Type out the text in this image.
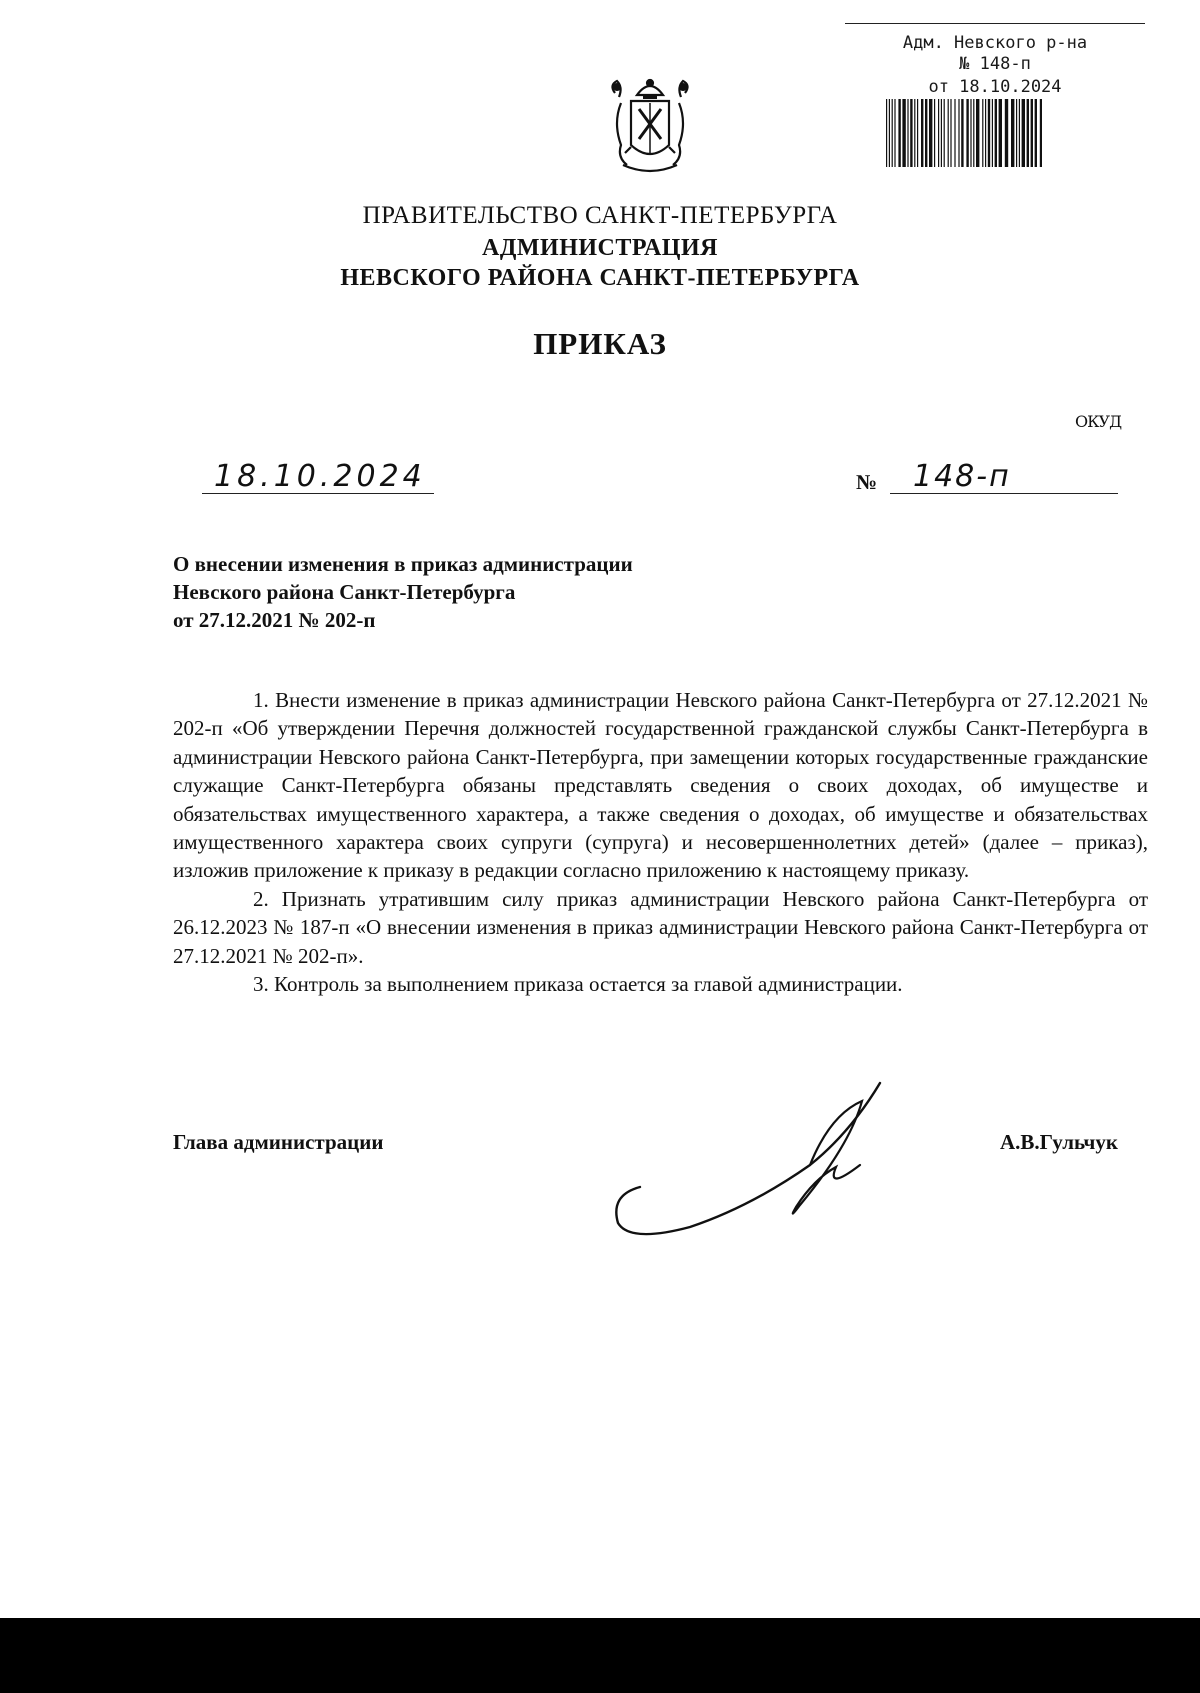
Адм. Невского р-на
№ 148-п
от 18.10.2024
ПРАВИТЕЛЬСТВО САНКТ-ПЕТЕРБУРГА
АДМИНИСТРАЦИЯ
НЕВСКОГО РАЙОНА САНКТ-ПЕТЕРБУРГА
ПРИКАЗ
ОКУД
18.10.2024	№ 148-п
О внесении изменения в приказ администрации
Невского района Санкт-Петербурга
от 27.12.2021 № 202-п

1. Внести изменение в приказ администрации Невского района Санкт-Петербурга от 27.12.2021 № 202-п «Об утверждении Перечня должностей государственной гражданской службы Санкт-Петербурга в администрации Невского района Санкт-Петербурга, при замещении которых государственные гражданские служащие Санкт-Петербурга обязаны представлять сведения о своих доходах, об имуществе и обязательствах имущественного характера, а также сведения о доходах, об имуществе и обязательствах имущественного характера своих супруги (супруга) и несовершеннолетних детей» (далее – приказ), изложив приложение к приказу в редакции согласно приложению к настоящему приказу.

2. Признать утратившим силу приказ администрации Невского района Санкт-Петербурга от 26.12.2023 № 187-п «О внесении изменения в приказ администрации Невского района Санкт-Петербурга от 27.12.2021 № 202-п».

3. Контроль за выполнением приказа остается за главой администрации.

Глава администрации	А.В.Гульчук
